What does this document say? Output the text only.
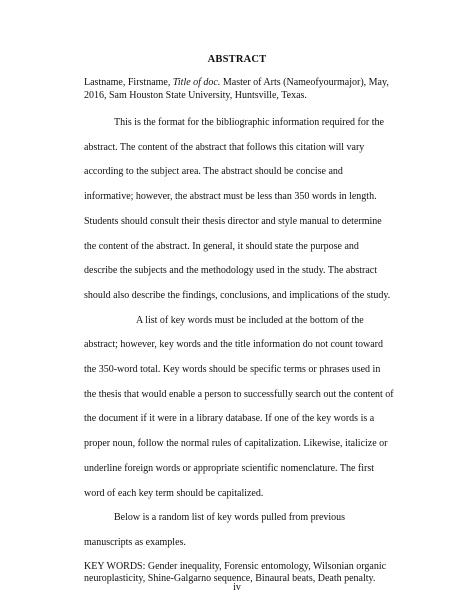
ABSTRACT

Lastname, Firstname, Title of doc. Master of Arts (Nameofyourmajor), May, 2016, Sam Houston State University, Huntsville, Texas.

This is the format for the bibliographic information required for the abstract. The content of the abstract that follows this citation will vary according to the subject area. The abstract should be concise and informative; however, the abstract must be less than 350 words in length. Students should consult their thesis director and style manual to determine the content of the abstract. In general, it should state the purpose and describe the subjects and the methodology used in the study. The abstract should also describe the findings, conclusions, and implications of the study.

A list of key words must be included at the bottom of the abstract; however, key words and the title information do not count toward the 350-word total. Key words should be specific terms or phrases used in the thesis that would enable a person to successfully search out the content of the document if it were in a library database. If one of the key words is a proper noun, follow the normal rules of capitalization. Likewise, italicize or underline foreign words or appropriate scientific nomenclature. The first word of each key term should be capitalized.

Below is a random list of key words pulled from previous manuscripts as examples.

KEY WORDS: Gender inequality, Forensic entomology, Wilsonian organic neuroplasticity, Shine-Galgarno sequence, Binaural beats, Death penalty.

iv
